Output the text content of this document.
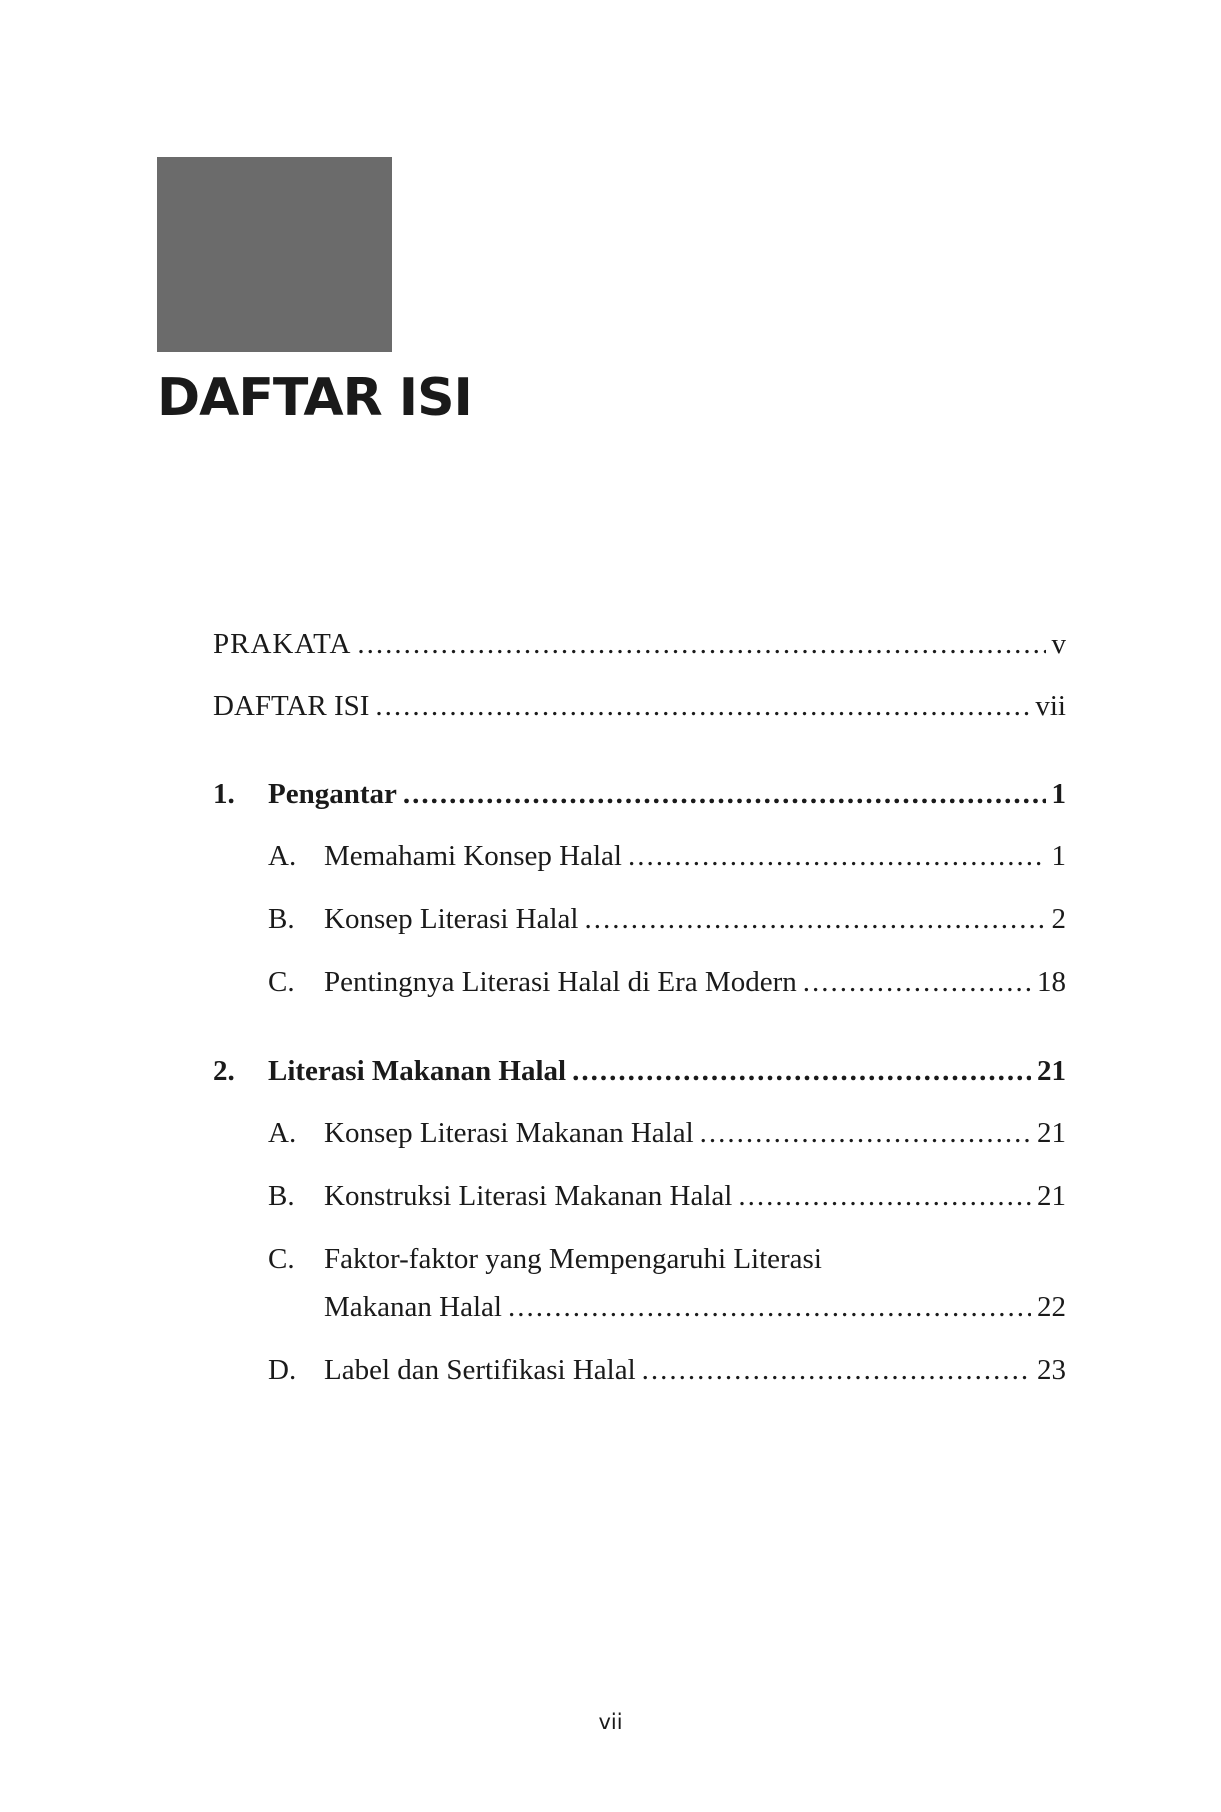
DAFTAR ISI
PRAKATA .....	v
DAFTAR ISI .....	vii
1. Pengantar .....	1
A. Memahami Konsep Halal .....	1
B. Konsep Literasi Halal .....	2
C. Pentingnya Literasi Halal di Era Modern .....	18
2. Literasi Makanan Halal .....	21
A. Konsep Literasi Makanan Halal .....	21
B. Konstruksi Literasi Makanan Halal .....	21
C. Faktor-faktor yang Mempengaruhi Literasi
Makanan Halal .....	22
D. Label dan Sertifikasi Halal .....	23
vii
